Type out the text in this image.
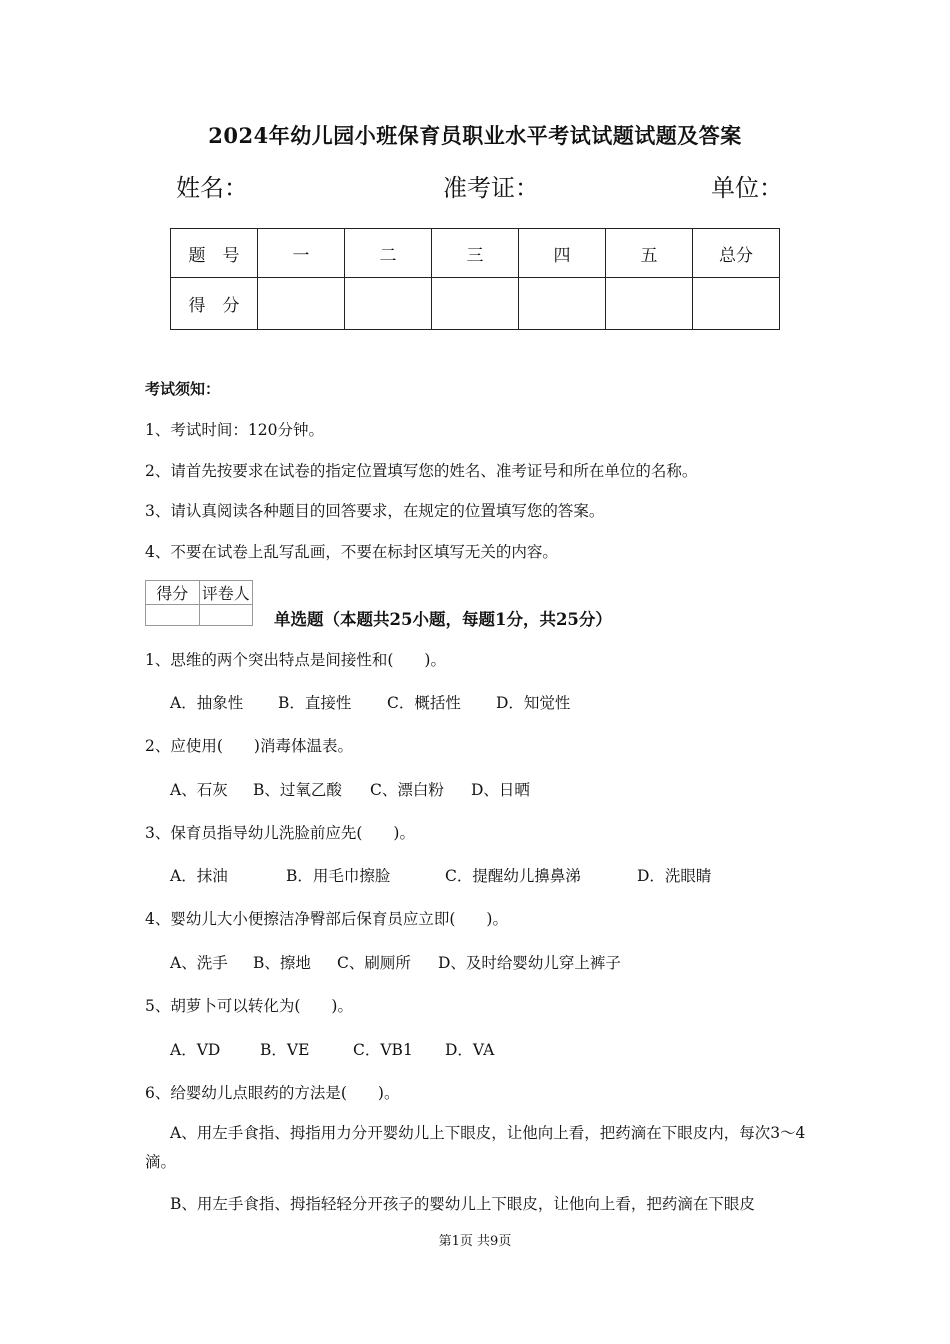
2024年幼儿园小班保育员职业水平考试试题试题及答案
姓名：	准考证：	单位：
题　号	一	二	三	四	五	总分
得　分						
考试须知：
1、考试时间：120分钟。
2、请首先按要求在试卷的指定位置填写您的姓名、准考证号和所在单位的名称。
3、请认真阅读各种题目的回答要求，在规定的位置填写您的答案。
4、不要在试卷上乱写乱画，不要在标封区填写无关的内容。
得分	评卷人

单选题（本题共25小题，每题1分，共25分）
1、思维的两个突出特点是间接性和(　　)。
A．抽象性 B．直接性 C．概括性 D．知觉性
2、应使用(　　)消毒体温表。
A、石灰 B、过氧乙酸 C、漂白粉 D、日晒
3、保育员指导幼儿洗脸前应先(　　)。
A．抹油	B．用毛巾擦脸	C．提醒幼儿擤鼻涕	D．洗眼睛
4、婴幼儿大小便擦洁净臀部后保育员应立即(　　)。
A、洗手 B、擦地 C、刷厕所 D、及时给婴幼儿穿上裤子
5、胡萝卜可以转化为(　　)。
A．VD	B．VE	C．VB1 D．VA
6、给婴幼儿点眼药的方法是(　　)。
A、用左手食指、拇指用力分开婴幼儿上下眼皮，让他向上看，把药滴在下眼皮内，每次3～4滴。
B、用左手食指、拇指轻轻分开孩子的婴幼儿上下眼皮，让他向上看，把药滴在下眼皮
第1页 共9页
